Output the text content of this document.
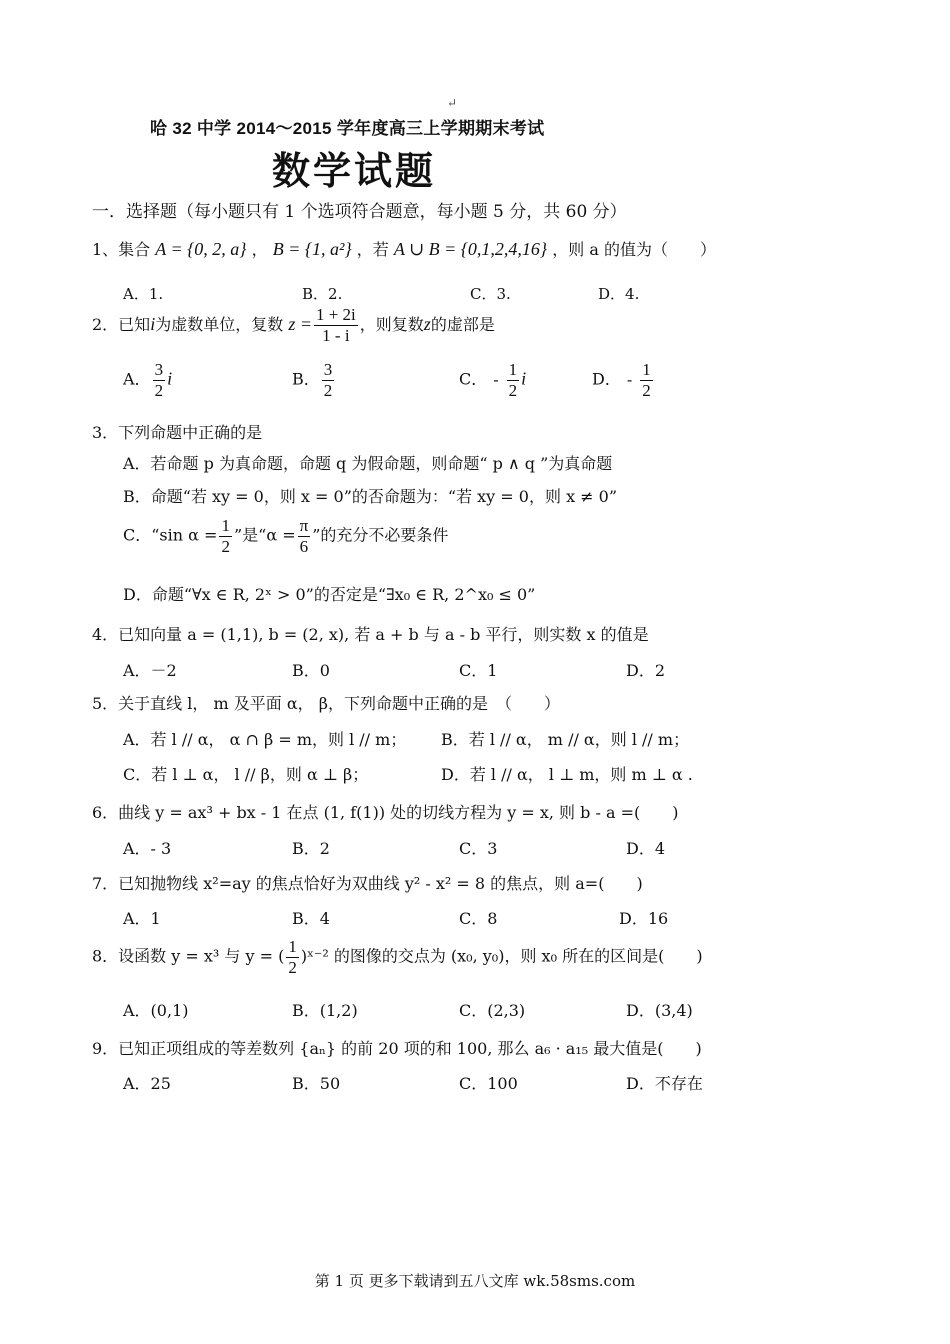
↵
哈 32 中学 2014～2015 学年度高三上学期期末考试
数学试题
一．选择题（每小题只有 1 个选项符合题意，每小题 5 分，共 60 分）
1、集合 A = {0, 2, a} ， B = {1, a²} ，若 A ∪ B = {0,1,2,4,16} ，则 a 的值为（　　）
A．1.	B．2.	C．3.	D．4.
2．已知i为虚数单位，复数 $z = \frac{1 + 2i}{1 - i}$ ，则复数z的虚部是
A． $\frac{3}{2}$ i	B． $\frac{3}{2}$	C． - $\frac{1}{2}$ i	D． - $\frac{1}{2}$
3．下列命题中正确的是
A．若命题 p 为真命题，命题 q 为假命题，则命题“ p ∧ q ”为真命题
B．命题“若 xy = 0，则 x = 0”的否命题为：“若 xy = 0，则 x ≠ 0”
C．“sin $\alpha = \frac{1}{2}$ ”是“$\alpha = \frac{\pi}{6}$ ”的充分不必要条件
D．命题“∀x ∈ R, 2ˣ > 0”的否定是“∃x₀ ∈ R, 2^x₀ ≤ 0”
4．已知向量 a = (1,1), b = (2, x), 若 a + b 与 a - b 平行，则实数 x 的值是
A．－2	B．0	C．1	D．2
5．关于直线 l， m 及平面 α， β，下列命题中正确的是　（　　）
A．若 l // α， α ∩ β = m，则 l // m； B．若 l // α， m // α，则 l // m；
C．若 l ⊥ α， l // β，则 α ⊥ β；	D．若 l // α， l ⊥ m，则 m ⊥ α .
6．曲线 y = ax³ + bx - 1 在点 (1, f(1)) 处的切线方程为 y = x, 则 b - a =(　　)
A．- 3	B．2	C．3	D．4
7．已知抛物线 x²=ay 的焦点恰好为双曲线 y² - x² = 8 的焦点，则 a=(　　)
A．1	B．4	C．8	D．16
8．设函数 y = x³ 与 y = ( $\frac{1}{2}$ )ˣ⁻² 的图像的交点为 (x₀, y₀)，则 x₀ 所在的区间是(　　)
A．(0,1)	B．(1,2)	C．(2,3)	D．(3,4)
9．已知正项组成的等差数列 {aₙ} 的前 20 项的和 100, 那么 a₆ · a₁₅ 最大值是(　　)
A．25	B．50	C．100	D．不存在
第 1 页 更多下载请到五八文库 wk.58sms.com
